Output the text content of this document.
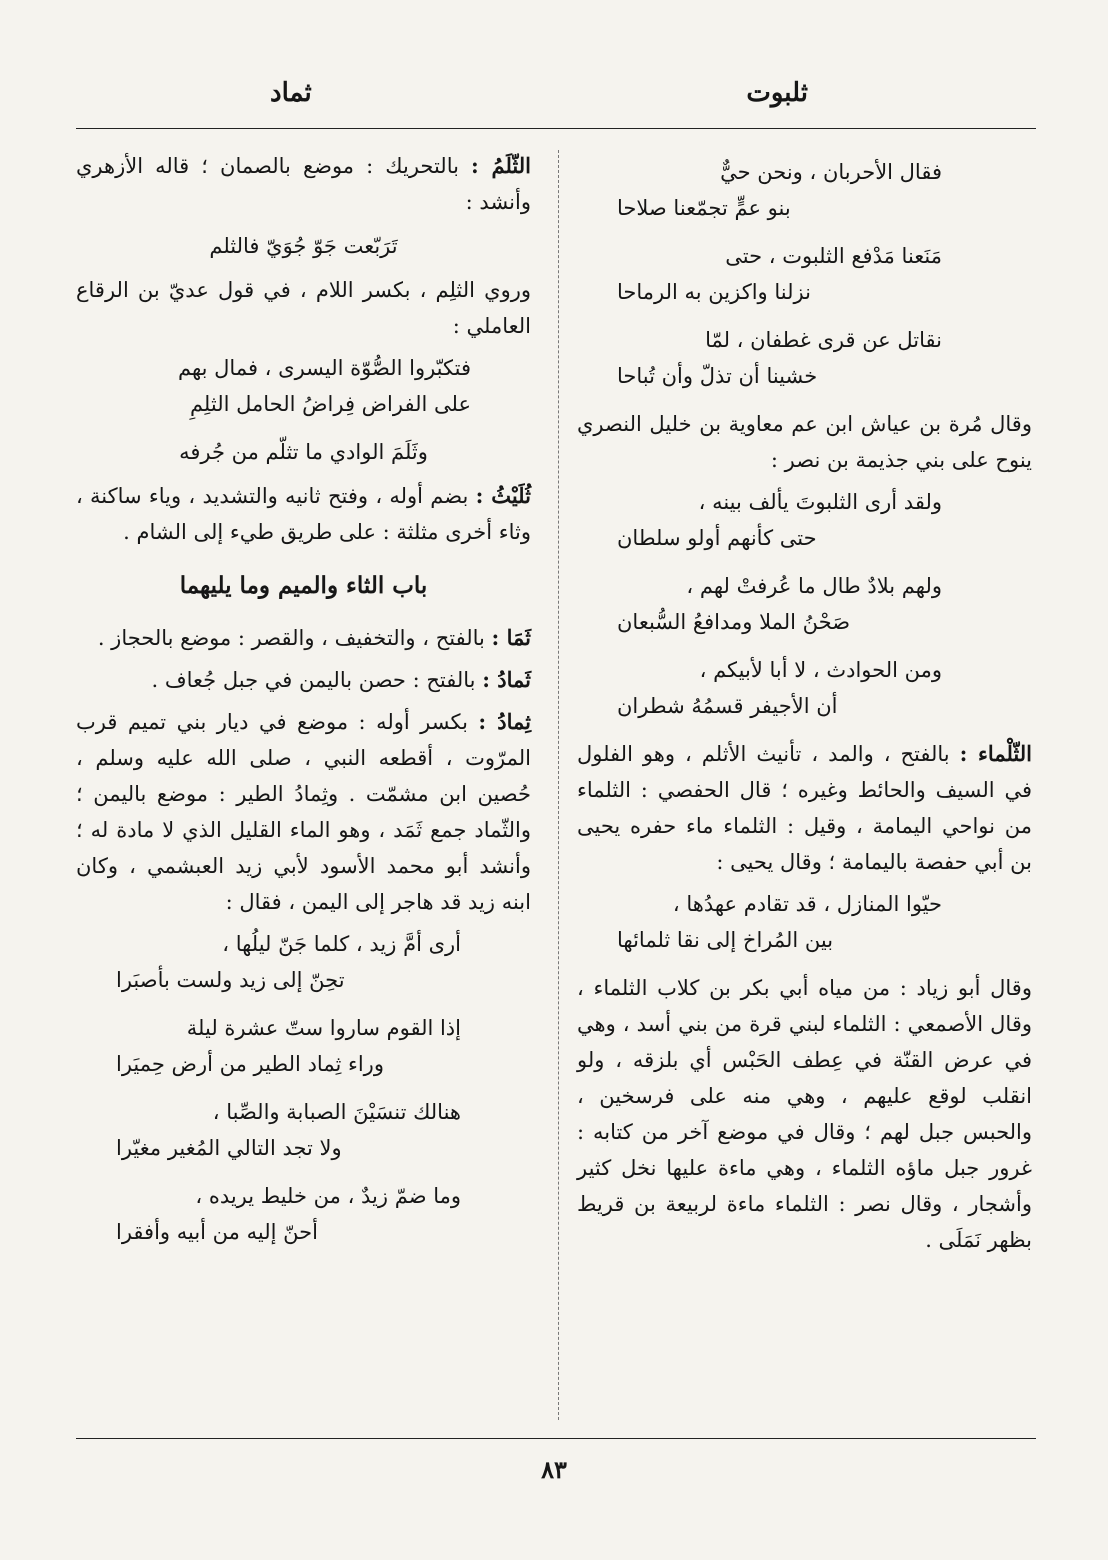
ثلبوت
ثماد
فقال الأحربان ، ونحن حيٌّ
بنو عمٍّ تجمّعنا صلاحا
مَنَعنا مَدْفع الثلبوت ، حتى
نزلنا واكزين به الرماحا
نقاتل عن قرى غطفان ، لمّا
خشينا أن تذلّ وأن تُباحا

وقال مُرة بن عياش ابن عم معاوية بن خليل النصري ينوح على بني جذيمة بن نصر :

ولقد أرى الثلبوتَ يألف بينه ،
حتى كأنهم أولو سلطان
ولهم بلادٌ طال ما عُرفتْ لهم ،
صَحْنُ الملا ومدافعُ السُّبعان
ومن الحوادث ، لا أبا لأبيكم ،
أن الأجيفر قسمُهُ شطران

الثّلْماء : بالفتح ، والمد ، تأنيث الأثلم ، وهو الفلول في السيف والحائط وغيره ؛ قال الحفصي : الثلماء من نواحي اليمامة ، وقيل : الثلماء ماء حفره يحيى بن أبي حفصة باليمامة ؛ وقال يحيى :

حيّوا المنازل ، قد تقادم عهدُها ،
بين المُراخ إلى نقا ثلمائها

وقال أبو زياد : من مياه أبي بكر بن كلاب الثلماء ، وقال الأصمعي : الثلماء لبني قرة من بني أسد ، وهي في عرض القنّة في عِطف الحَبْس أي بلزقه ، ولو انقلب لوقع عليهم ، وهي منه على فرسخين ، والحبس جبل لهم ؛ وقال في موضع آخر من كتابه : غرور جبل ماؤه الثلماء ، وهي ماءة عليها نخل كثير وأشجار ، وقال نصر : الثلماء ماءة لربيعة بن قريط بظهر نَمَلَى .

الثّلَمُ : بالتحريك : موضع بالصمان ؛ قاله الأزهري وأنشد :

تَرَبّعت جَوّ جُوَيّ فالثلم

وروي الثلِم ، بكسر اللام ، في قول عديّ بن الرقاع العاملي :

فتكبّروا الصُّوّة اليسرى ، فمال بهم
على الفراض فِراضُ الحامل الثلِمِ
وثَلَمَ الوادي ما تثلّم من جُرفه

ثُلَيْثُ : بضم أوله ، وفتح ثانيه والتشديد ، وياء ساكنة ، وثاء أخرى مثلثة : على طريق طيء إلى الشام .

باب الثاء والميم وما يليهما

ثَمَا : بالفتح ، والتخفيف ، والقصر : موضع بالحجاز .

ثَمادُ : بالفتح : حصن باليمن في جبل جُعاف .

ثِمادُ : بكسر أوله : موضع في ديار بني تميم قرب المرّوت ، أقطعه النبي ، صلى الله عليه وسلم ، حُصين ابن مشمّت . وثِمادُ الطير : موضع باليمن ؛ والثّماد جمع ثَمَد ، وهو الماء القليل الذي لا مادة له ؛ وأنشد أبو محمد الأسود لأبي زيد العبشمي ، وكان ابنه زيد قد هاجر إلى اليمن ، فقال :

أرى أمَّ زيد ، كلما جَنّ ليلُها ،
تحِنّ إلى زيد ولست بأصبَرا
إذا القوم ساروا ستّ عشرة ليلة
وراء ثِماد الطير من أرض حِميَرا
هنالك تنسَيْنَ الصبابة والصِّبا ،
ولا تجد التالي المُغير مغيّرا
وما ضمّ زيدٌ ، من خليط يريده ،
أحنّ إليه من أبيه وأفقرا
٨٣
